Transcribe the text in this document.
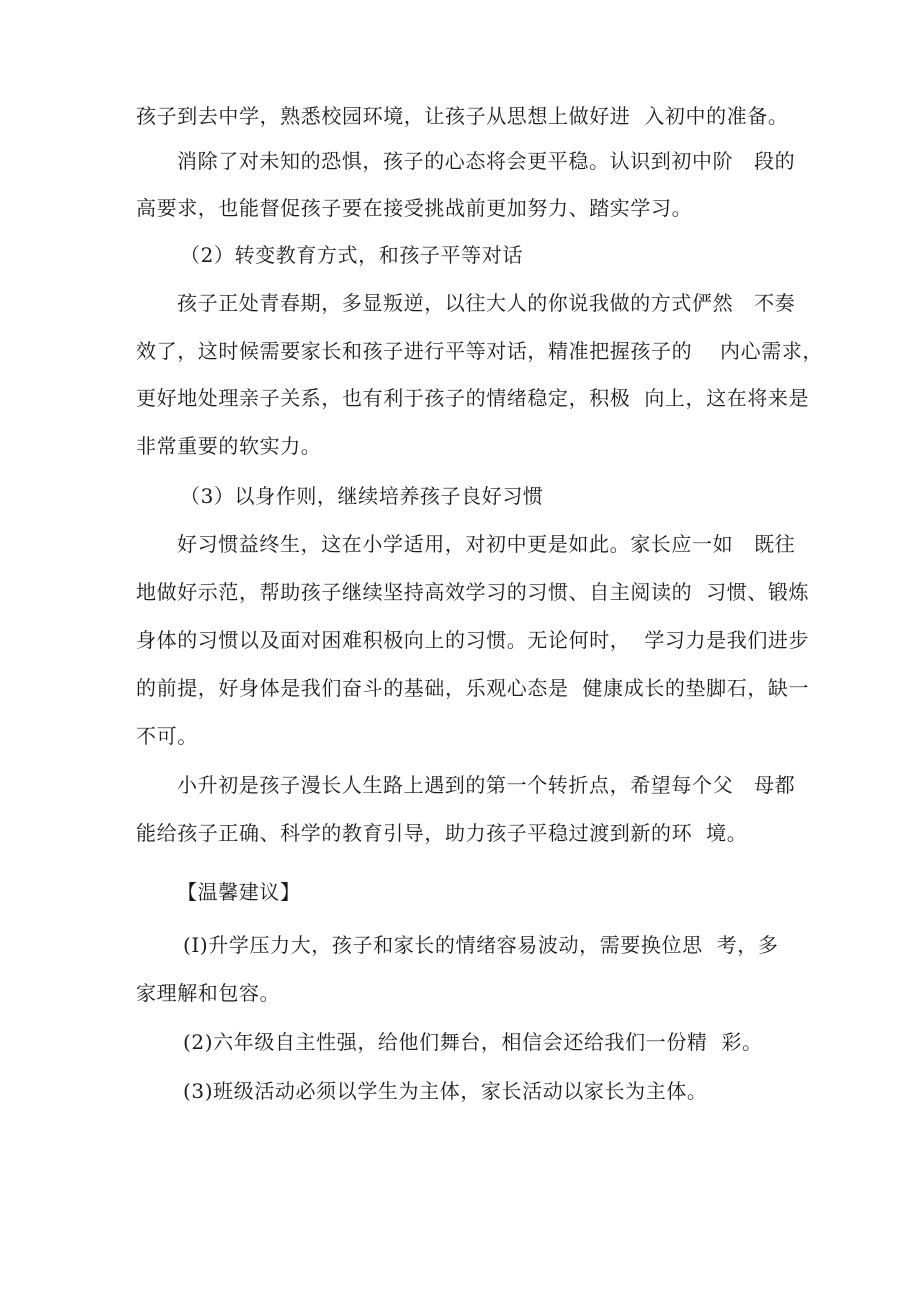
孩子到去中学，熟悉校园环境，让孩子从思想上做好进  入初中的准备。
消除了对未知的恐惧，孩子的心态将会更平稳。认识到初中阶   段的
高要求，也能督促孩子要在接受挑战前更加努力、踏实学习。
（2）转变教育方式，和孩子平等对话
孩子正处青春期，多显叛逆，以往大人的你说我做的方式俨然   不奏
效了，这时候需要家长和孩子进行平等对话，精准把握孩子的    内心需求，
更好地处理亲子关系，也有利于孩子的情绪稳定，积极  向上，这在将来是
非常重要的软实力。
（3）以身作则，继续培养孩子良好习惯
好习惯益终生，这在小学适用，对初中更是如此。家长应一如   既往
地做好示范，帮助孩子继续坚持高效学习的习惯、自主阅读的  习惯、锻炼
身体的习惯以及面对困难积极向上的习惯。无论何时，  学习力是我们进步
的前提，好身体是我们奋斗的基础，乐观心态是  健康成长的垫脚石，缺一
不可。
小升初是孩子漫长人生路上遇到的第一个转折点，希望每个父   母都
能给孩子正确、科学的教育引导，助力孩子平稳过渡到新的环  境。
【温馨建议】
(I)升学压力大，孩子和家长的情绪容易波动，需要换位思  考，多
家理解和包容。
(2)六年级自主性强，给他们舞台，相信会还给我们一份精  彩。
(3)班级活动必须以学生为主体，家长活动以家长为主体。
